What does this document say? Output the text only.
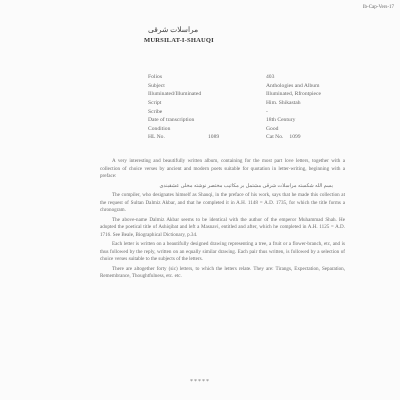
Ib-Cap-Vers-17
مراسلات شرقی
MURSILAT-I-SHAUQI
Folios	403
Subject	Anthologies and Album
Illuminated/Illuminated	Illuminated, Rfrontpiece
Script	Him. Shikastah
Scribe	-
Date of transcription	18th Century
Condition	Good
HL No.	1089	Cat No. 1099

A very interesting and beautifully written album, containing for the most part love letters, together with a collection of choice verses by ancient and modern poets suitable for quotation in letter-writing, beginning with a preface:

بسم الله شکسته مراسلات شرقی مشتمل بر مکاتیب مختصر نوشته مخلی عشقبندی

The compiler, who designates himself as Shauqi, in the preface of his work, says that he made this collection at the request of Sultan Dalmiz Akbar, and that he completed it in A.H. 1148 = A.D. 1735, for which the title forms a chronogram.

The above-name Dalmiz Akbar seems to be identical with the author of the emperor Muhammad Shah. He adopted the poetical title of Ashiqibat and left a Masnavi, entitled and after, which he completed in A.H. 1125 = A.D. 1716. See Beale, Biographical Dictionary, p.34.

Each letter is written on a beautifully designed drawing representing a tree, a fruit or a flower-branch, etc, and is thus followed by the reply, written on an equally similar drawing. Each pair thus written, is followed by a selection of choice verses suitable to the subjects of the letters.

There are altogether forty (sic) letters, to which the letters relate. They are: Tirangs, Expectation, Separation, Remembrance, Thoughtfulness, etc. etc.

*****
